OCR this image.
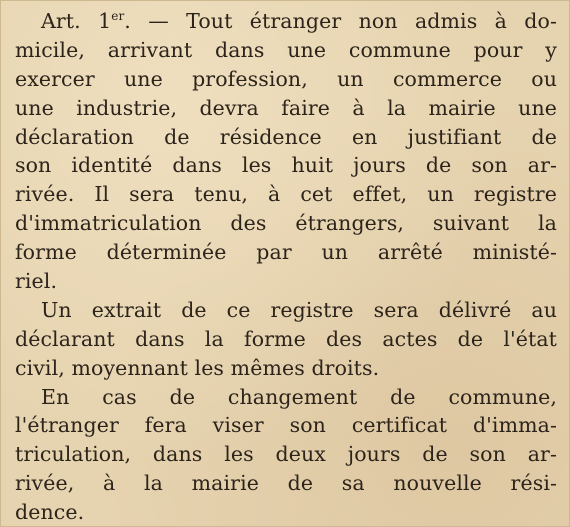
Art. 1er. — Tout étranger non admis à do-
micile, arrivant dans une commune pour y
exercer une profession, un commerce ou
une industrie, devra faire à la mairie une
déclaration de résidence en justifiant de
son identité dans les huit jours de son ar-
rivée. Il sera tenu, à cet effet, un registre
d'immatriculation des étrangers, suivant la
forme déterminée par un arrêté ministé-
riel.
Un extrait de ce registre sera délivré au
déclarant dans la forme des actes de l'état
civil, moyennant les mêmes droits.
En cas de changement de commune,
l'étranger fera viser son certificat d'imma-
triculation, dans les deux jours de son ar-
rivée, à la mairie de sa nouvelle rési-
dence.
